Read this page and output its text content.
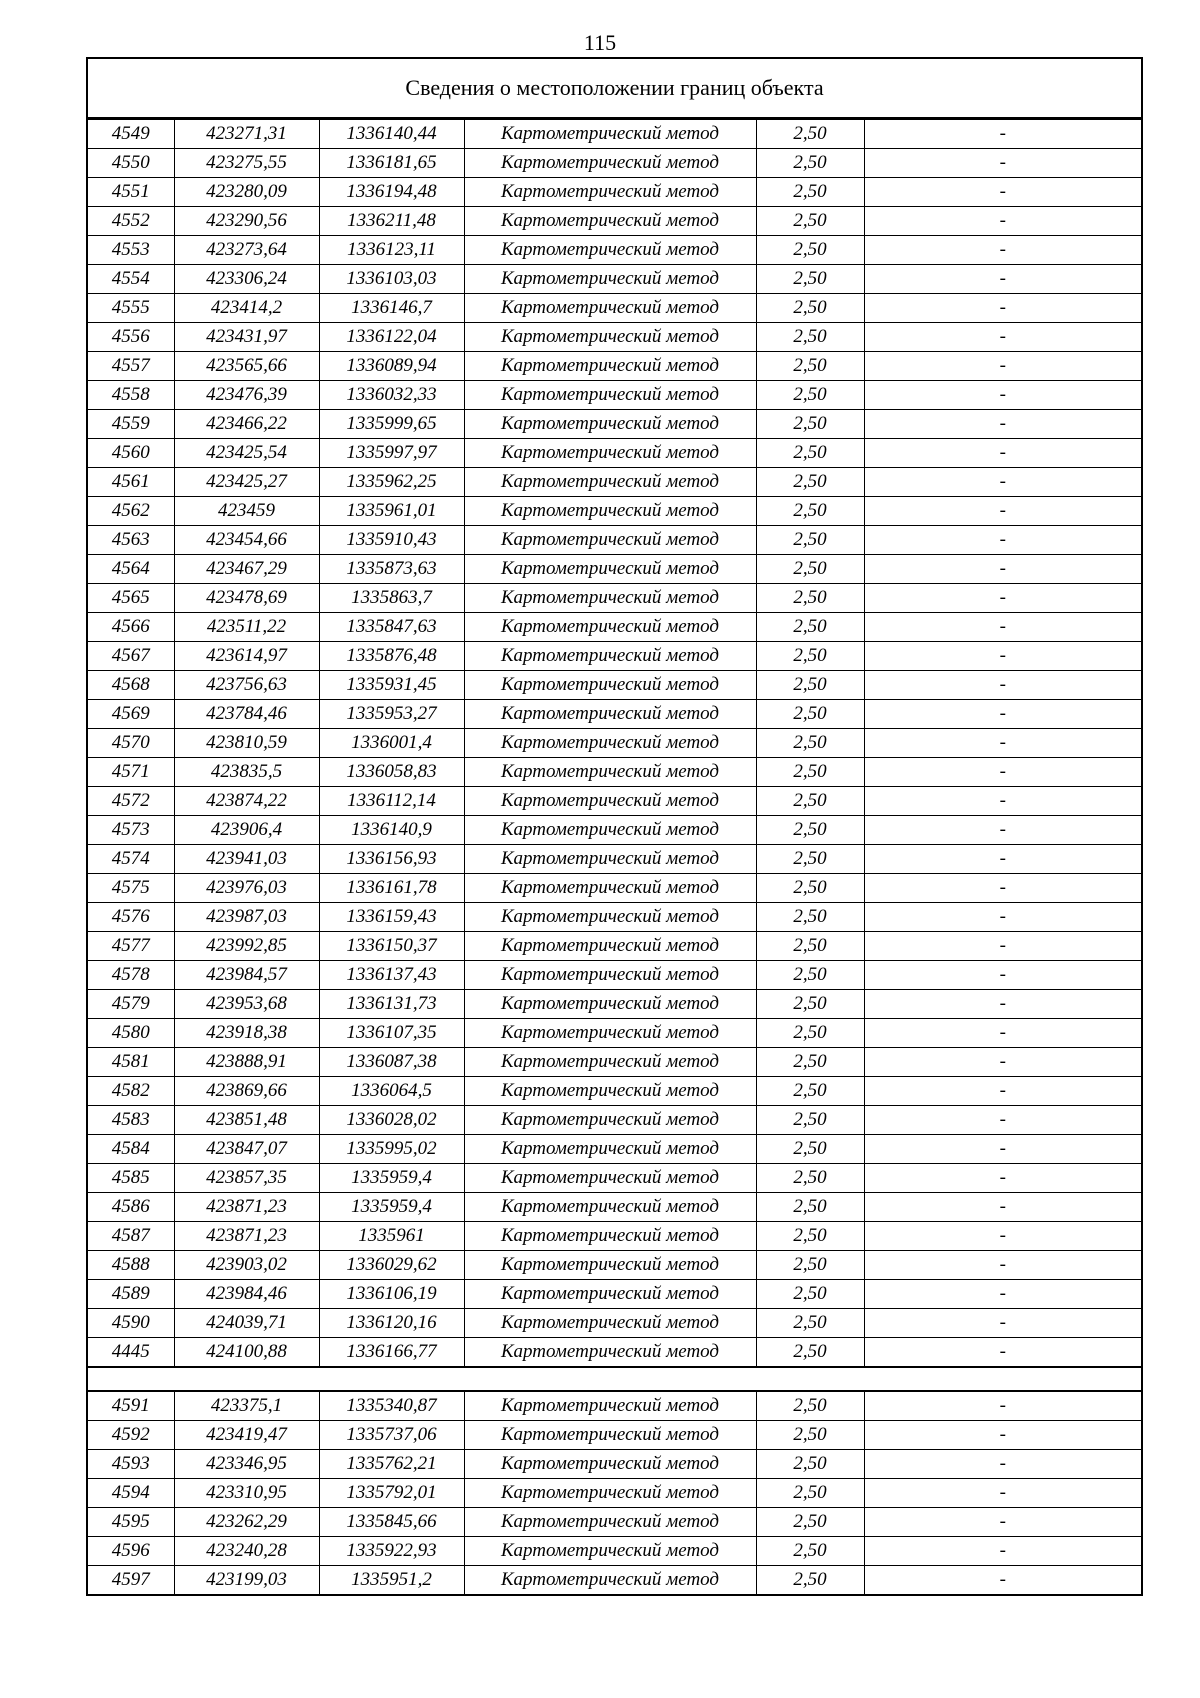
115
Сведения о местоположении границ объекта
4549	423271,31	1336140,44	Картометрический метод	2,50	-
4550	423275,55	1336181,65	Картометрический метод	2,50	-
4551	423280,09	1336194,48	Картометрический метод	2,50	-
4552	423290,56	1336211,48	Картометрический метод	2,50	-
4553	423273,64	1336123,11	Картометрический метод	2,50	-
4554	423306,24	1336103,03	Картометрический метод	2,50	-
4555	423414,2	1336146,7	Картометрический метод	2,50	-
4556	423431,97	1336122,04	Картометрический метод	2,50	-
4557	423565,66	1336089,94	Картометрический метод	2,50	-
4558	423476,39	1336032,33	Картометрический метод	2,50	-
4559	423466,22	1335999,65	Картометрический метод	2,50	-
4560	423425,54	1335997,97	Картометрический метод	2,50	-
4561	423425,27	1335962,25	Картометрический метод	2,50	-
4562	423459	1335961,01	Картометрический метод	2,50	-
4563	423454,66	1335910,43	Картометрический метод	2,50	-
4564	423467,29	1335873,63	Картометрический метод	2,50	-
4565	423478,69	1335863,7	Картометрический метод	2,50	-
4566	423511,22	1335847,63	Картометрический метод	2,50	-
4567	423614,97	1335876,48	Картометрический метод	2,50	-
4568	423756,63	1335931,45	Картометрический метод	2,50	-
4569	423784,46	1335953,27	Картометрический метод	2,50	-
4570	423810,59	1336001,4	Картометрический метод	2,50	-
4571	423835,5	1336058,83	Картометрический метод	2,50	-
4572	423874,22	1336112,14	Картометрический метод	2,50	-
4573	423906,4	1336140,9	Картометрический метод	2,50	-
4574	423941,03	1336156,93	Картометрический метод	2,50	-
4575	423976,03	1336161,78	Картометрический метод	2,50	-
4576	423987,03	1336159,43	Картометрический метод	2,50	-
4577	423992,85	1336150,37	Картометрический метод	2,50	-
4578	423984,57	1336137,43	Картометрический метод	2,50	-
4579	423953,68	1336131,73	Картометрический метод	2,50	-
4580	423918,38	1336107,35	Картометрический метод	2,50	-
4581	423888,91	1336087,38	Картометрический метод	2,50	-
4582	423869,66	1336064,5	Картометрический метод	2,50	-
4583	423851,48	1336028,02	Картометрический метод	2,50	-
4584	423847,07	1335995,02	Картометрический метод	2,50	-
4585	423857,35	1335959,4	Картометрический метод	2,50	-
4586	423871,23	1335959,4	Картометрический метод	2,50	-
4587	423871,23	1335961	Картометрический метод	2,50	-
4588	423903,02	1336029,62	Картометрический метод	2,50	-
4589	423984,46	1336106,19	Картометрический метод	2,50	-
4590	424039,71	1336120,16	Картометрический метод	2,50	-
4445	424100,88	1336166,77	Картометрический метод	2,50	-
4591	423375,1	1335340,87	Картометрический метод	2,50	-
4592	423419,47	1335737,06	Картометрический метод	2,50	-
4593	423346,95	1335762,21	Картометрический метод	2,50	-
4594	423310,95	1335792,01	Картометрический метод	2,50	-
4595	423262,29	1335845,66	Картометрический метод	2,50	-
4596	423240,28	1335922,93	Картометрический метод	2,50	-
4597	423199,03	1335951,2	Картометрический метод	2,50	-
